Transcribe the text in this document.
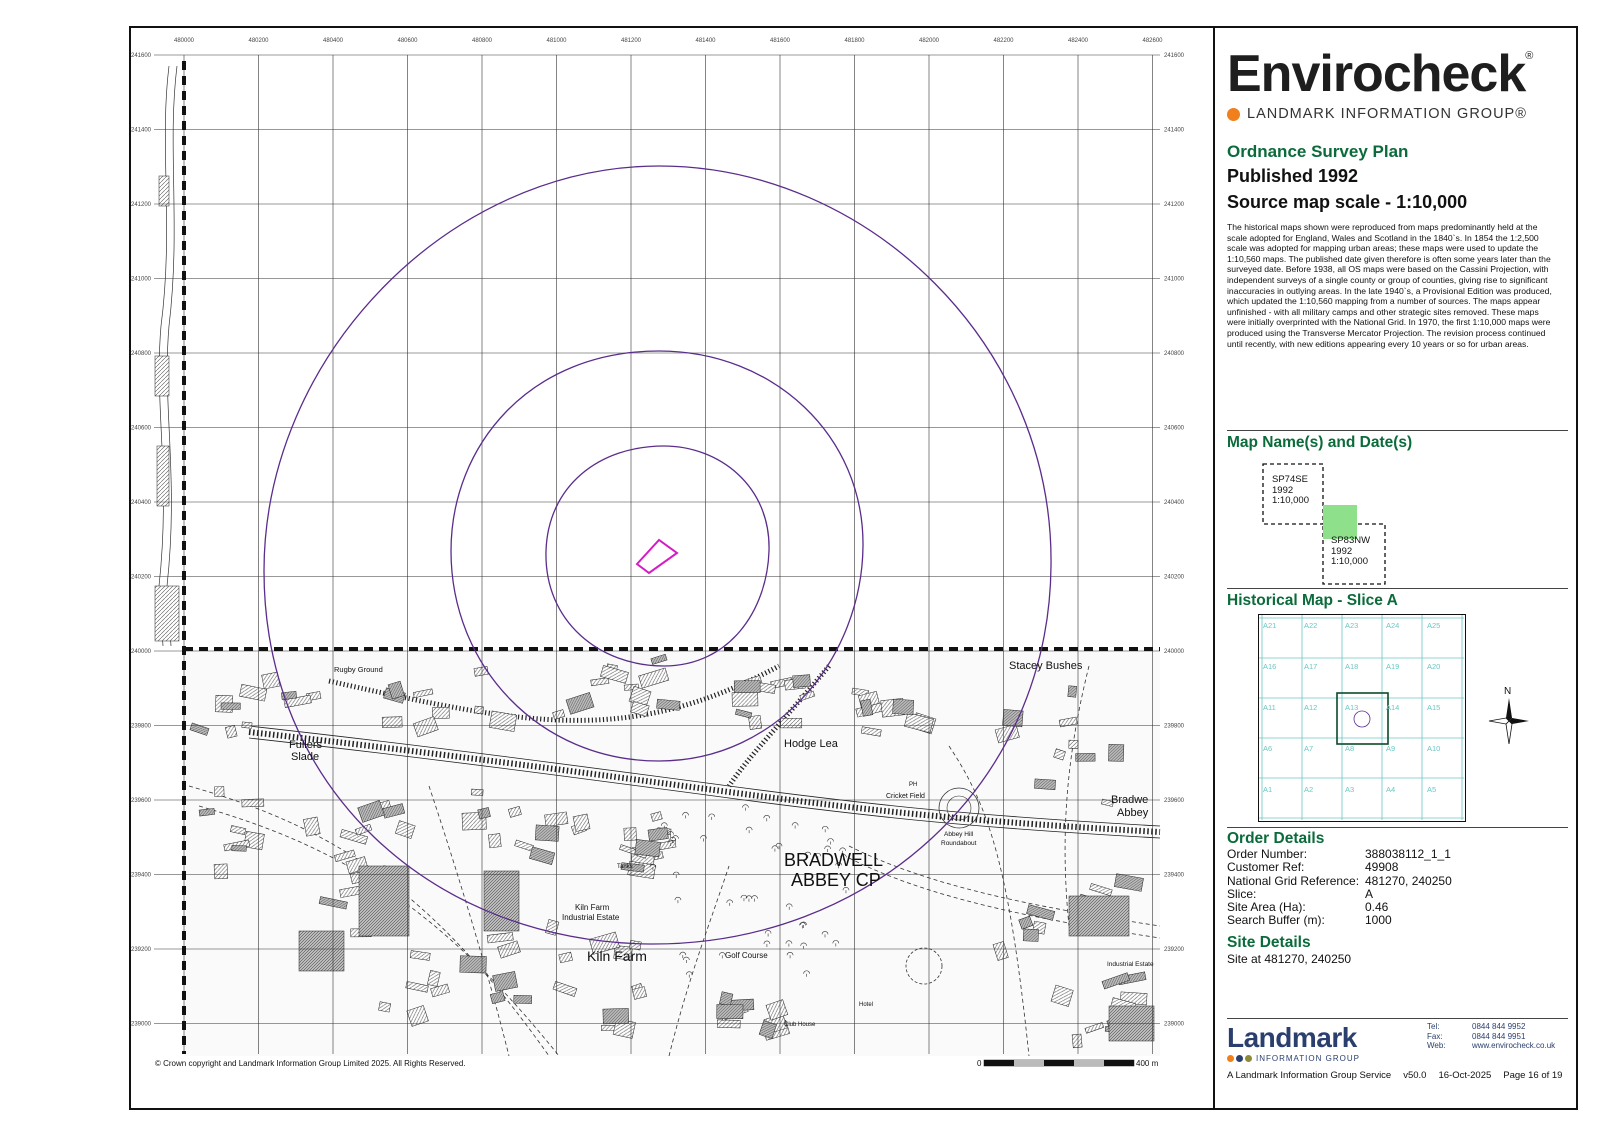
480000	480200	480400	480600	480800	481000	481200	481400	481600	481800	482000	482200	482400	482600
241600
241400
241200
241000
240800
240600
240400
240200
240000
239800
239600
239400
239200
239000
241600
241400
241200
241000
240800
240600
240400
240200
240000
239800
239600
239400
239200
239000
Rugby Ground
Fullers
Slade
Hodge Lea
Stacey Bushes
Cricket Field
BRADWELL
ABBEY CP
Bradwe
Abbey
Abbey Hill
Roundabout
Kiln Farm
Industrial Estate
Kiln Farm	Golf Course
Industrial Estate
Tanks
PH
Hotel
Club House
© Crown copyright and Landmark Information Group Limited 2025. All Rights Reserved.	0	400 m
Envirocheck®
LANDMARK INFORMATION GROUP®
Ordnance Survey Plan
Published 1992
Source map scale - 1:10,000
The historical maps shown were reproduced from maps predominantly held at the scale adopted for England, Wales and Scotland in the 1840`s. In 1854 the 1:2,500 scale was adopted for mapping urban areas; these maps were used to update the 1:10,560 maps. The published date given therefore is often some years later than the surveyed date. Before 1938, all OS maps were based on the Cassini Projection, with independent surveys of a single county or group of counties, giving rise to significant inaccuracies in outlying areas. In the late 1940`s, a Provisional Edition was produced, which updated the 1:10,560 mapping from a number of sources. The maps appear unfinished - with all military camps and other strategic sites removed. These maps were initially overprinted with the National Grid. In 1970, the first 1:10,000 maps were produced using the Transverse Mercator Projection. The revision process continued until recently, with new editions appearing every 10 years or so for urban areas.
Map Name(s) and Date(s)
SP74SE
1992
1:10,000
SP83NW
1992
1:10,000
Historical Map - Slice A
A21	A22	A23	A24	A25
A16	A17	A18	A19	A20
A11	A12	A13	A14	A15
A6	A7	A8	A9	A10
A1	A2	A3	A4	A5
N
Order Details
Order Number:	388038112_1_1
Customer Ref:	49908
National Grid Reference: 481270, 240250
Slice:	A
Site Area (Ha):	0.46
Search Buffer (m):	1000
Site Details
Site at 481270, 240250
Landmark
INFORMATION GROUP
Tel:	0844 844 9952
Fax:	0844 844 9951
Web:	www.envirocheck.co.uk
A Landmark Information Group Service v50.0 16-Oct-2025 Page 16 of 19
